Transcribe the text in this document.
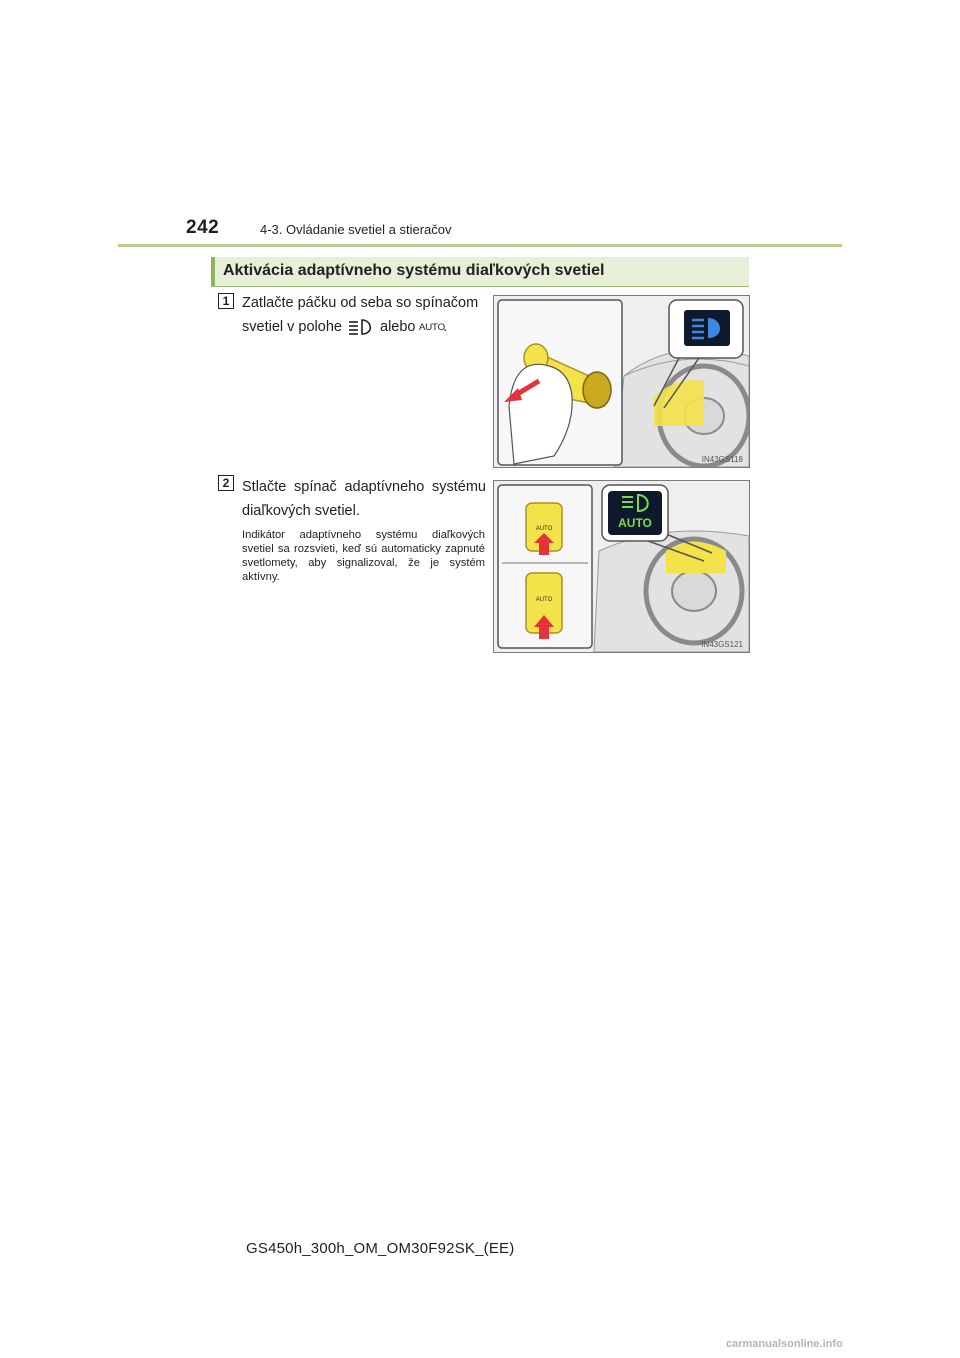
242	4-3. Ovládanie svetiel a stieračov
Aktivácia adaptívneho systému diaľkových svetiel
1 Zatlačte páčku od seba so spínačom svetiel v polohe	alebo AUTO.
IN43GS118
2 Stlačte spínač adaptívneho systému diaľkových svetiel.
Indikátor adaptívneho systému diaľkových svetiel sa rozsvieti, keď sú automaticky zapnuté svetlomety, aby signalizoval, že je systém aktívny.
AUTO
AUTO
AUTO
IN43GS121
GS450h_300h_OM_OM30F92SK_(EE)
carmanualsonline.info
